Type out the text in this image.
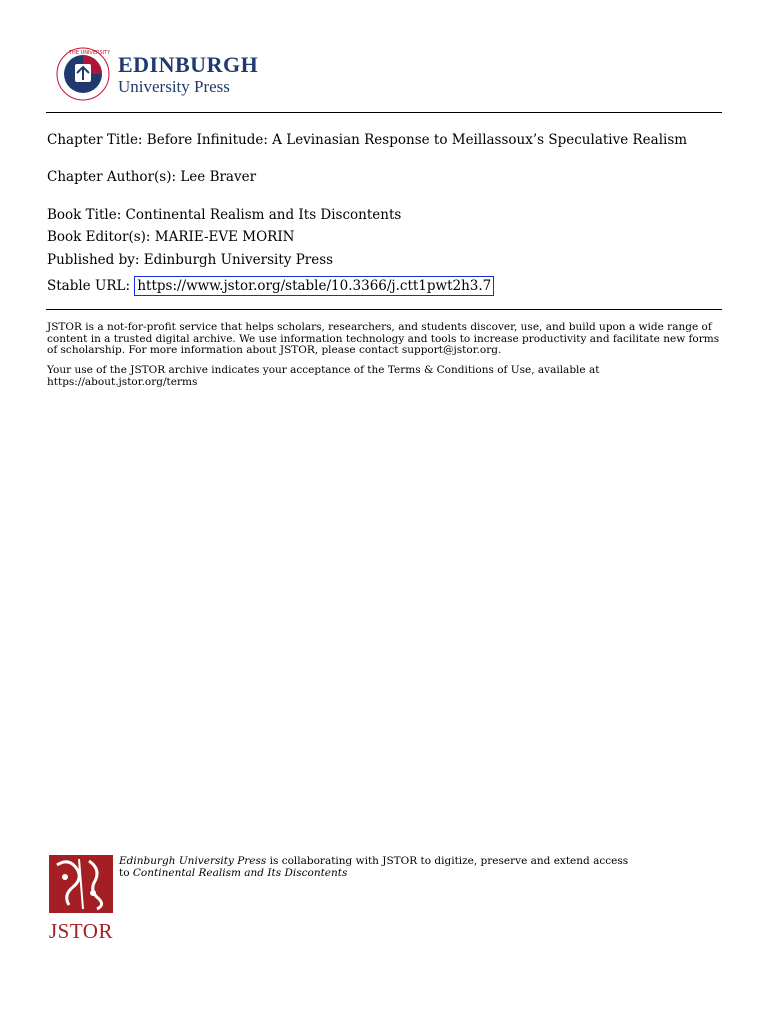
THE UNIVERSITY EDINBURGH
University Press
Chapter Title: Before Infinitude: A Levinasian Response to Meillassoux’s Speculative Realism
Chapter Author(s): Lee Braver
Book Title: Continental Realism and Its Discontents
Book Editor(s): MARIE-EVE MORIN
Published by: Edinburgh University Press
Stable URL: https://www.jstor.org/stable/10.3366/j.ctt1pwt2h3.7
JSTOR is a not-for-profit service that helps scholars, researchers, and students discover, use, and build upon a wide range of content in a trusted digital archive. We use information technology and tools to increase productivity and facilitate new forms of scholarship. For more information about JSTOR, please contact support@jstor.org.
Your use of the JSTOR archive indicates your acceptance of the Terms & Conditions of Use, available at https://about.jstor.org/terms
JSTOR
Edinburgh University Press is collaborating with JSTOR to digitize, preserve and extend access
to Continental Realism and Its Discontents
